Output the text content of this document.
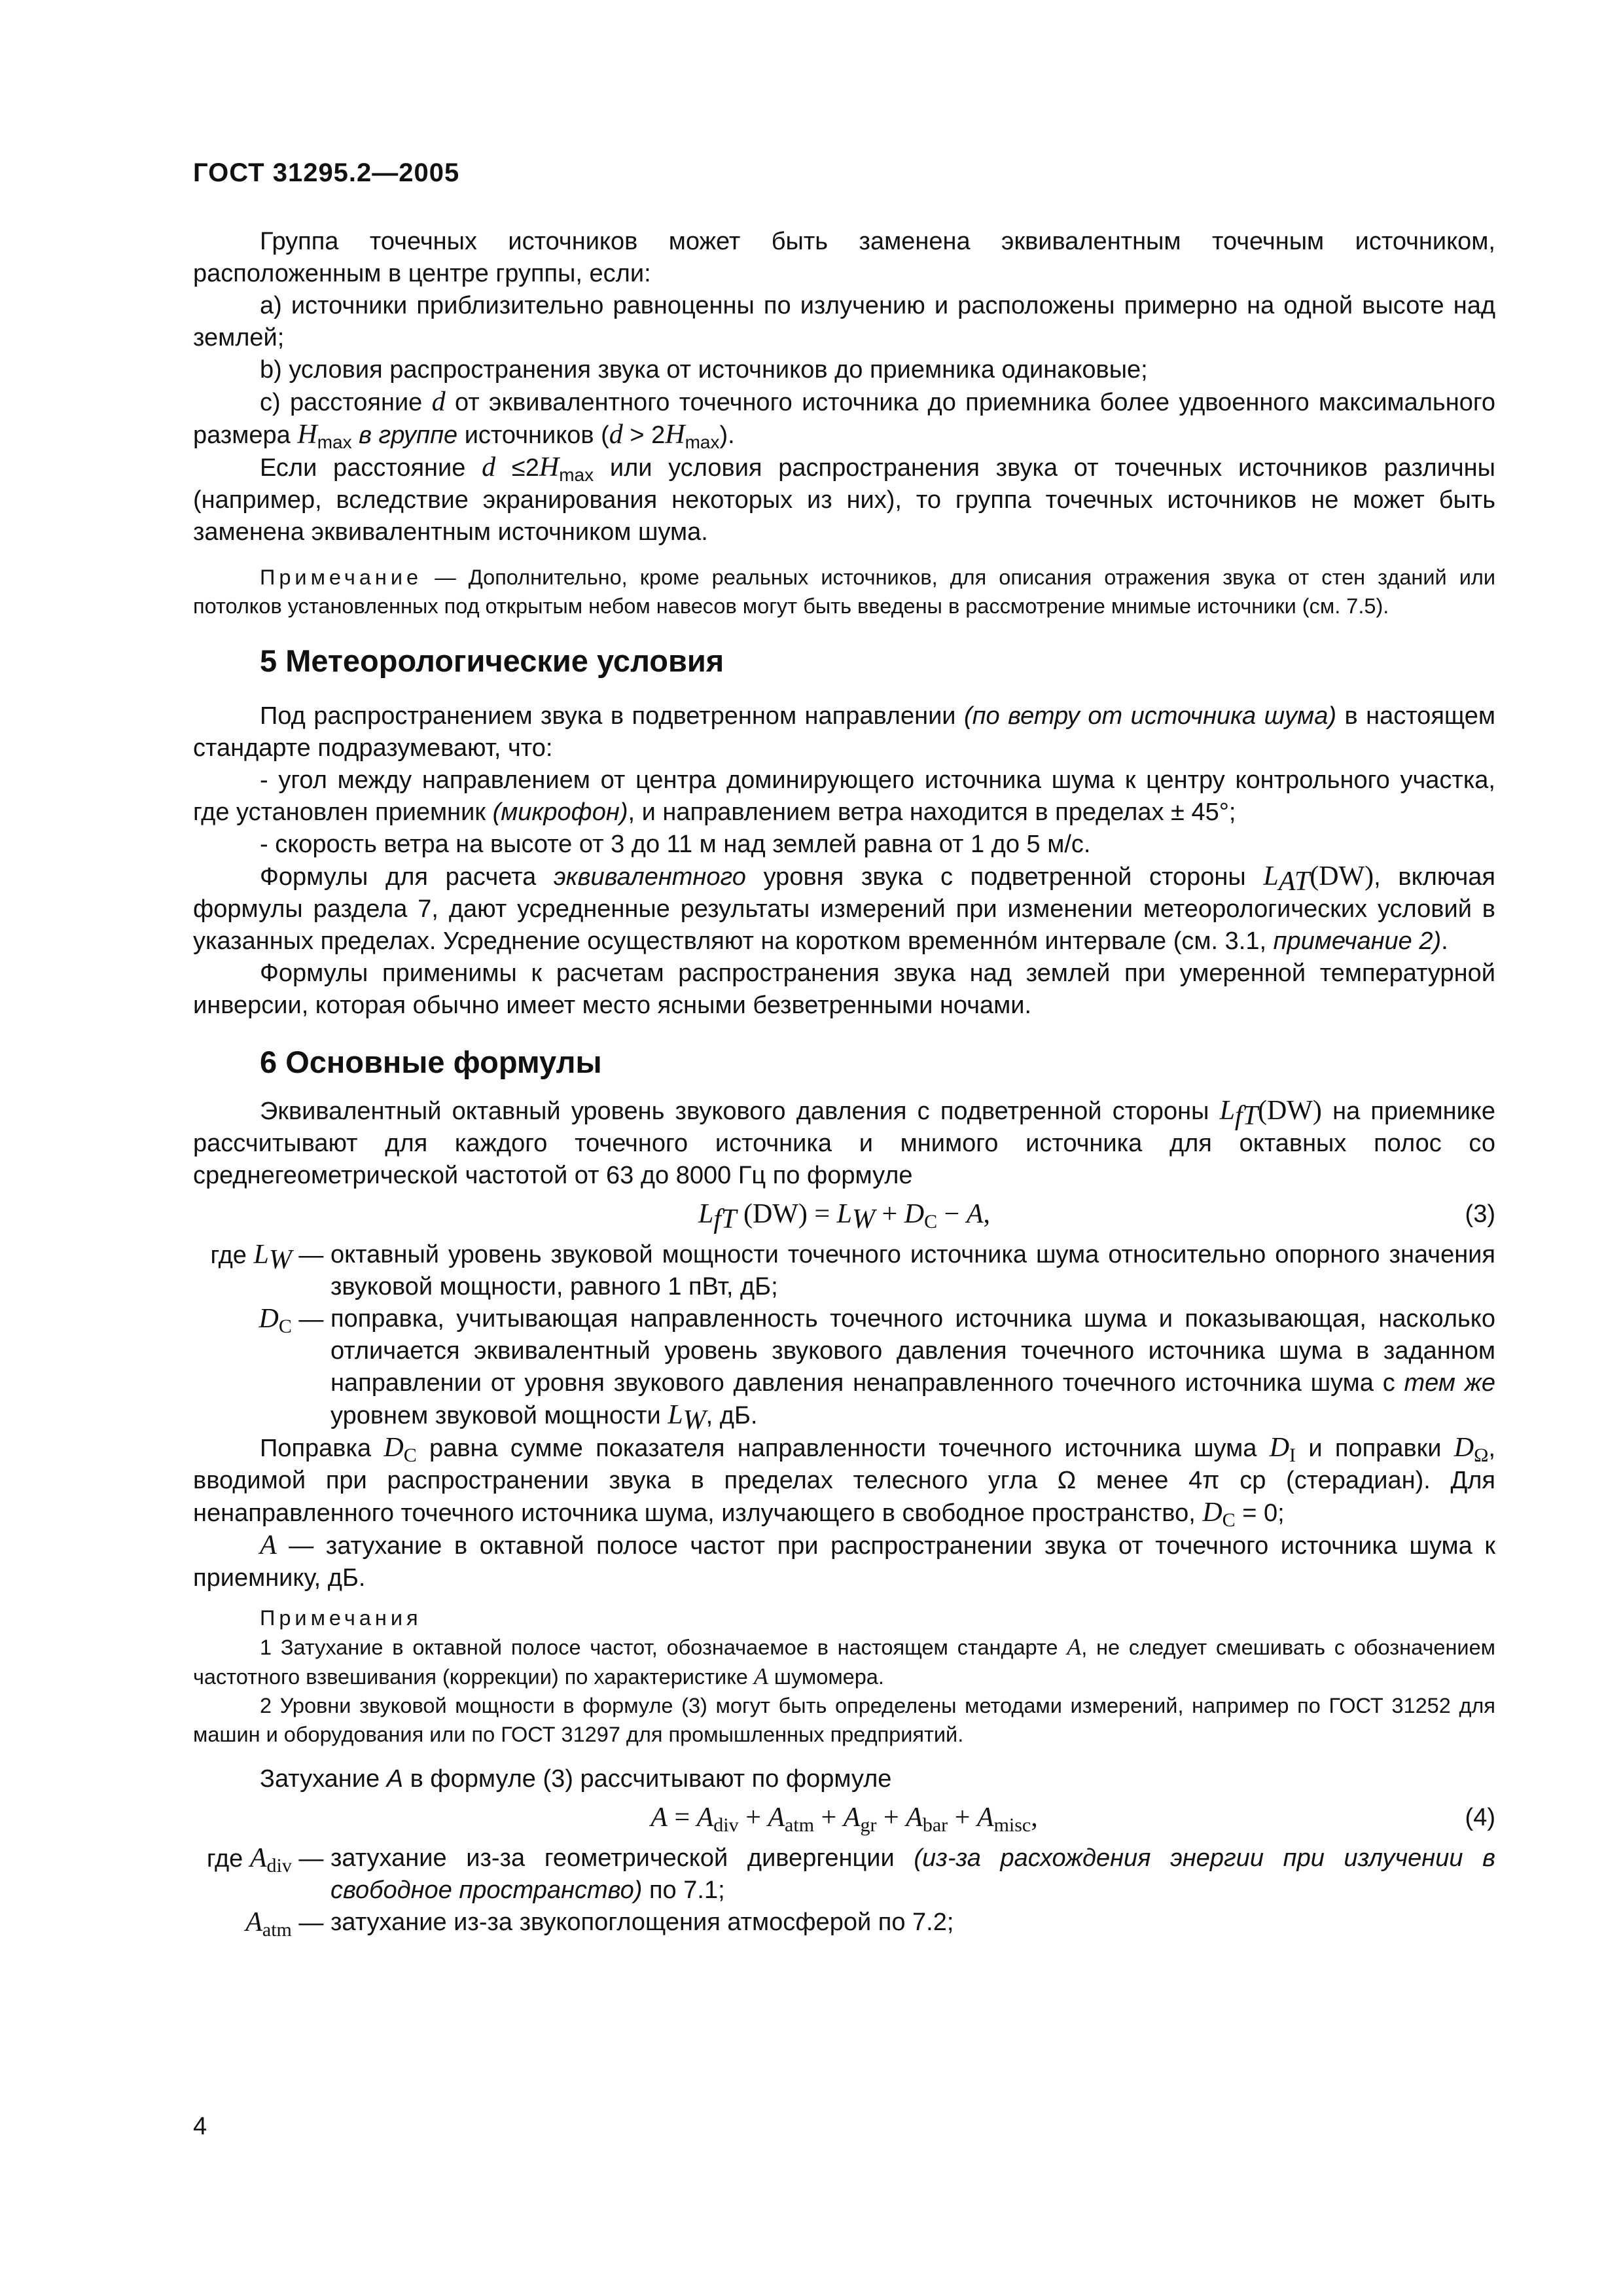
ГОСТ 31295.2—2005

Группа точечных источников может быть заменена эквивалентным точечным источником, расположенным в центре группы, если:

а) источники приблизительно равноценны по излучению и расположены примерно на одной высоте над землей;

b) условия распространения звука от источников до приемника одинаковые;

с) расстояние d от эквивалентного точечного источника до приемника более удвоенного максимального размера $H_{max}$ в группе источников $(d > 2H_{max})$.

Если расстояние $d \le 2H_{max}$ или условия распространения звука от точечных источников различны (например, вследствие экранирования некоторых из них), то группа точечных источников не может быть заменена эквивалентным источником шума.

Примечание — Дополнительно, кроме реальных источников, для описания отражения звука от стен зданий или потолков установленных под открытым небом навесов могут быть введены в рассмотрение мнимые источники (см. 7.5).

5 Метеорологические условия

Под распространением звука в подветренном направлении (по ветру от источника шума) в настоящем стандарте подразумевают, что:

- угол между направлением от центра доминирующего источника шума к центру контрольного участка, где установлен приемник (микрофон), и направлением ветра находится в пределах ± 45°;

- скорость ветра на высоте от 3 до 11 м над землей равна от 1 до 5 м/с.

Формулы для расчета эквивалентного уровня звука с подветренной стороны $L_{AT}(DW)$, включая формулы раздела 7, дают усредненные результаты измерений при изменении метеорологических условий в указанных пределах. Усреднение осуществляют на коротком временно́м интервале (см. 3.1, примечание 2).

Формулы применимы к расчетам распространения звука над землей при умеренной температурной инверсии, которая обычно имеет место ясными безветренными ночами.

6 Основные формулы

Эквивалентный октавный уровень звукового давления с подветренной стороны $L_{fT}(DW)$ на приемнике рассчитывают для каждого точечного источника и мнимого источника для октавных полос со среднегеометрической частотой от 63 до 8000 Гц по формуле

$L_{fT}$ $(DW) = L_W + D_C - A$,	(3)
где $L_W$ — октавный уровень звуковой мощности точечного источника шума относительно опорного значения звуковой мощности, равного 1 пВт, дБ;
$D_C$ — поправка, учитывающая направленность точечного источника шума и показывающая, насколько отличается эквивалентный уровень звукового давления точечного источника шума в заданном направлении от уровня звукового давления ненаправленного точечного источника шума с тем же уровнем звуковой мощности $L_W$, дБ.

Поправка $D_C$ равна сумме показателя направленности точечного источника шума $D_I$ и поправки $D_\Omega$, вводимой при распространении звука в пределах телесного угла Ω менее 4π ср (стерадиан). Для ненаправленного точечного источника шума, излучающего в свободное пространство, $D_C = 0$;

A — затухание в октавной полосе частот при распространении звука от точечного источника шума к приемнику, дБ.

Примечания

1 Затухание в октавной полосе частот, обозначаемое в настоящем стандарте A, не следует смешивать с обозначением частотного взвешивания (коррекции) по характеристике A шумомера.

2 Уровни звуковой мощности в формуле (3) могут быть определены методами измерений, например по ГОСТ 31252 для машин и оборудования или по ГОСТ 31297 для промышленных предприятий.

Затухание A в формуле (3) рассчитывают по формуле

$A = A_{div} + A_{atm} + A_{gr} + A_{bar} + A_{misc}$,	(4)
где $A_{div}$ — затухание из-за геометрической дивергенции (из-за расхождения энергии при излучении в свободное пространство) по 7.1;
$A_{atm}$ — затухание из-за звукопоглощения атмосферой по 7.2;
4
